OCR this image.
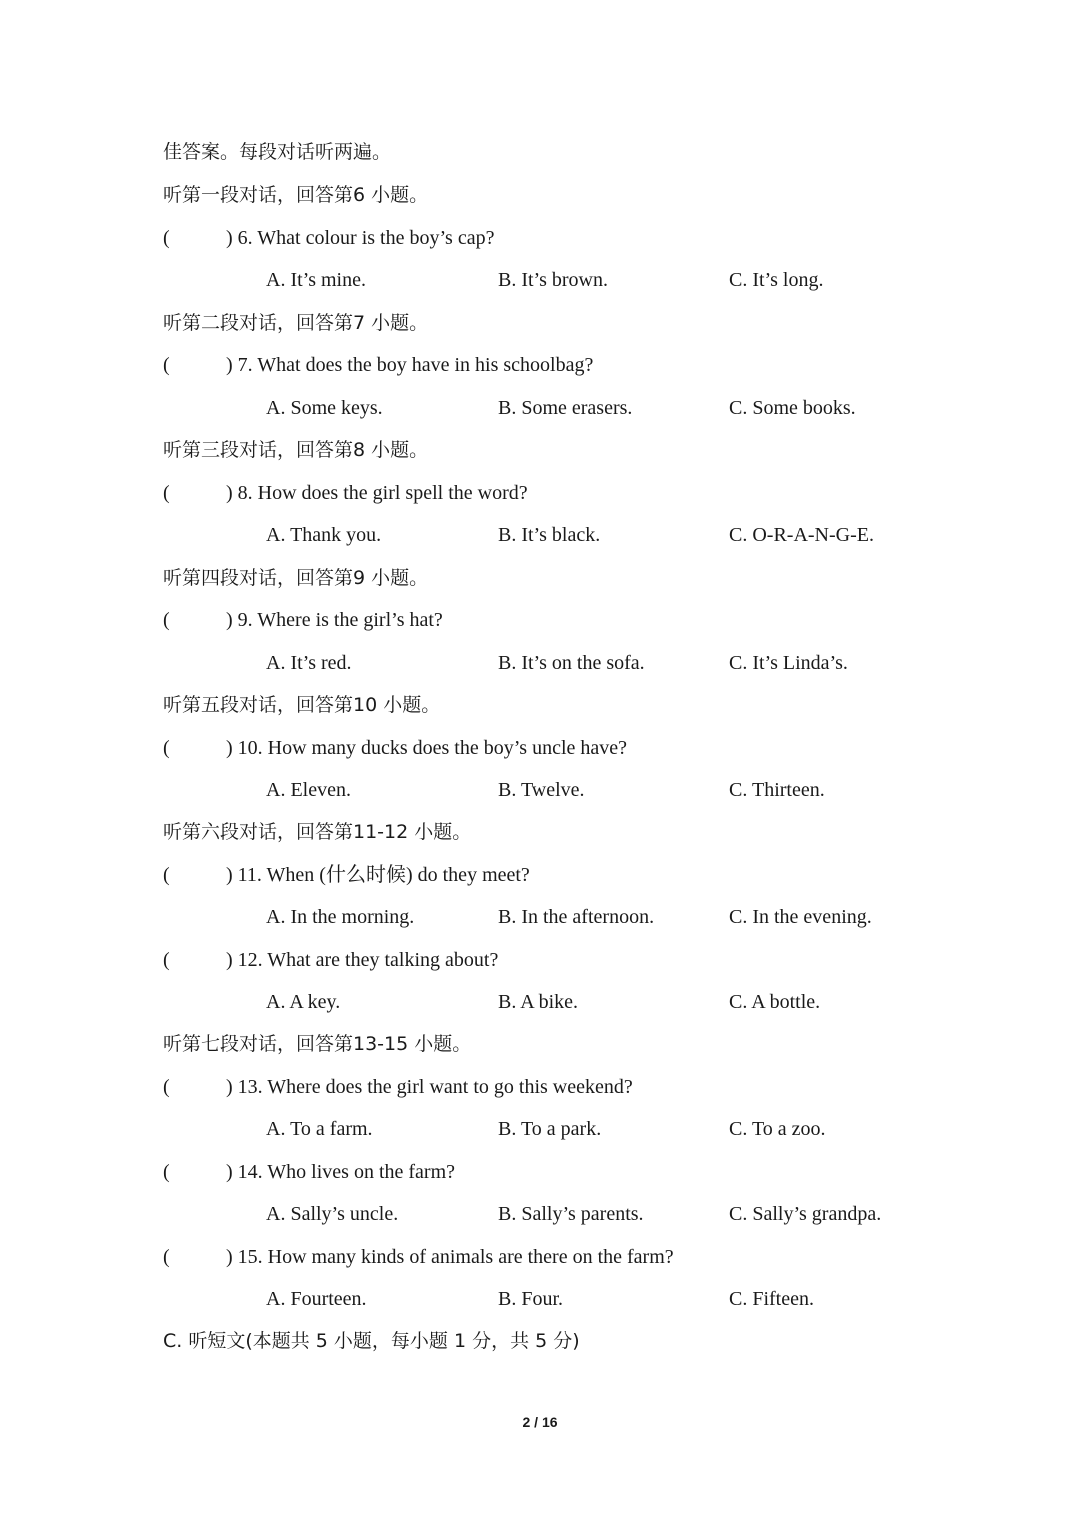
佳答案。每段对话听两遍。
听第一段对话，回答第6 小题。
(	) 6. What colour is the boy’s cap?
A. It’s mine.	B. It’s brown.	C. It’s long.
听第二段对话，回答第7 小题。
(	) 7. What does the boy have in his schoolbag?
A. Some keys.	B. Some erasers.	C. Some books.
听第三段对话，回答第8 小题。
(	) 8. How does the girl spell the word?
A. Thank you.	B. It’s black.	C. O-R-A-N-G-E.
听第四段对话，回答第9 小题。
(	) 9. Where is the girl’s hat?
A. It’s red.	B. It’s on the sofa.	C. It’s Linda’s.
听第五段对话，回答第10 小题。
(	) 10. How many ducks does the boy’s uncle have?
A. Eleven.	B. Twelve.	C. Thirteen.
听第六段对话，回答第11-12 小题。
(	) 11. When (什么时候) do they meet?
A. In the morning.	B. In the afternoon.	C. In the evening.
(	) 12. What are they talking about?
A. A key.	B. A bike.	C. A bottle.
听第七段对话，回答第13-15 小题。
(	) 13. Where does the girl want to go this weekend?
A. To a farm.	B. To a park.	C. To a zoo.
(	) 14. Who lives on the farm?
A. Sally’s uncle.	B. Sally’s parents.	C. Sally’s grandpa.
(	) 15. How many kinds of animals are there on the farm?
A. Fourteen.	B. Four.	C. Fifteen.
C. 听短文(本题共 5 小题，每小题 1 分，共 5 分)
2 / 16
